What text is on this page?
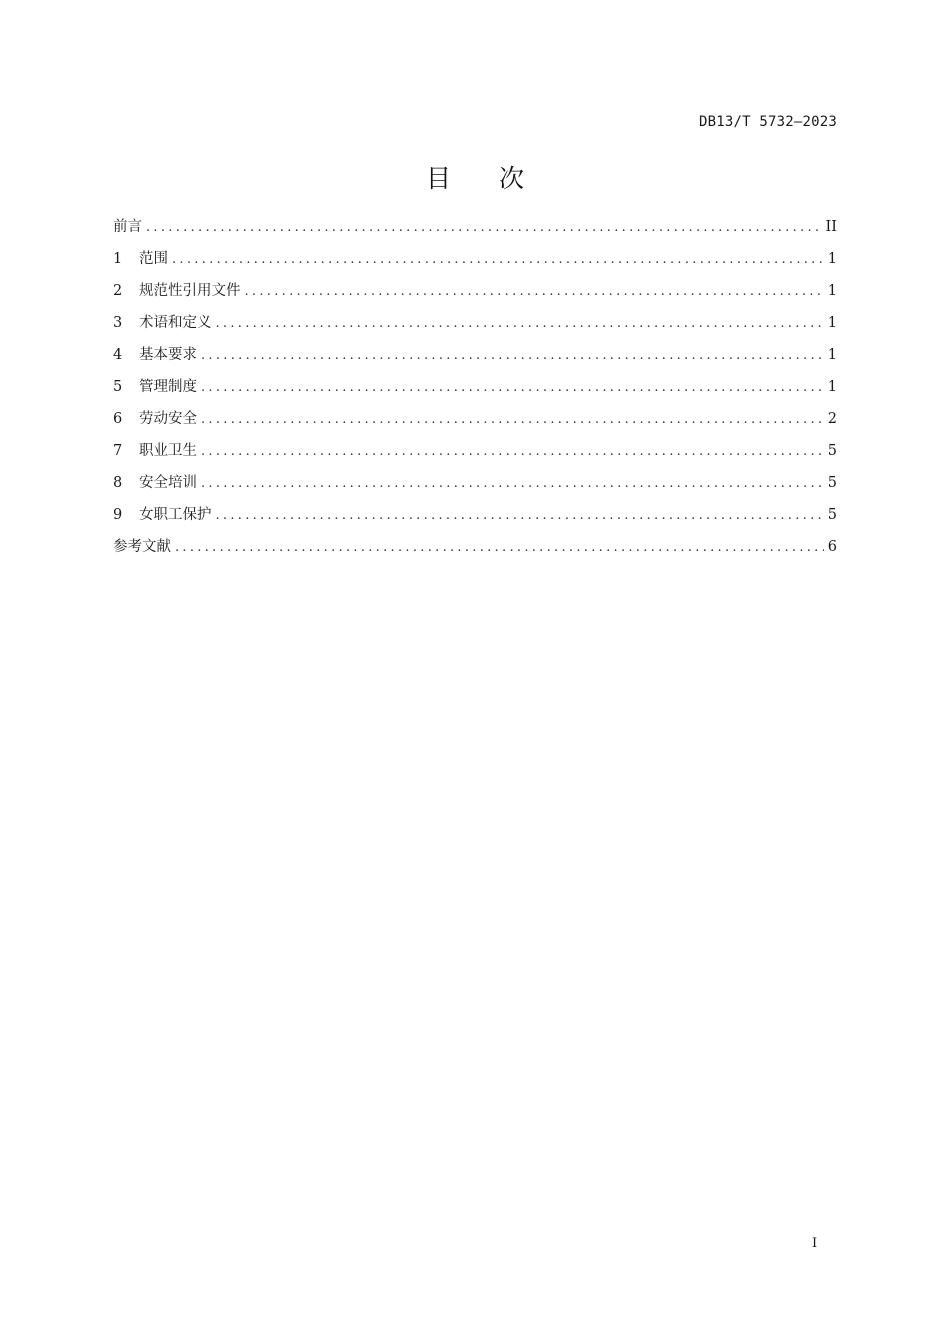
DB13/T 5732—2023
目次
前言 .....	II
1	范围 .....	1
2	规范性引用文件 .....	1
3	术语和定义 .....	1
4	基本要求 .....	1
5	管理制度 .....	1
6	劳动安全 .....	2
7	职业卫生 .....	5
8	安全培训 .....	5
9	女职工保护 .....	5
参考文献 .....	6
I
